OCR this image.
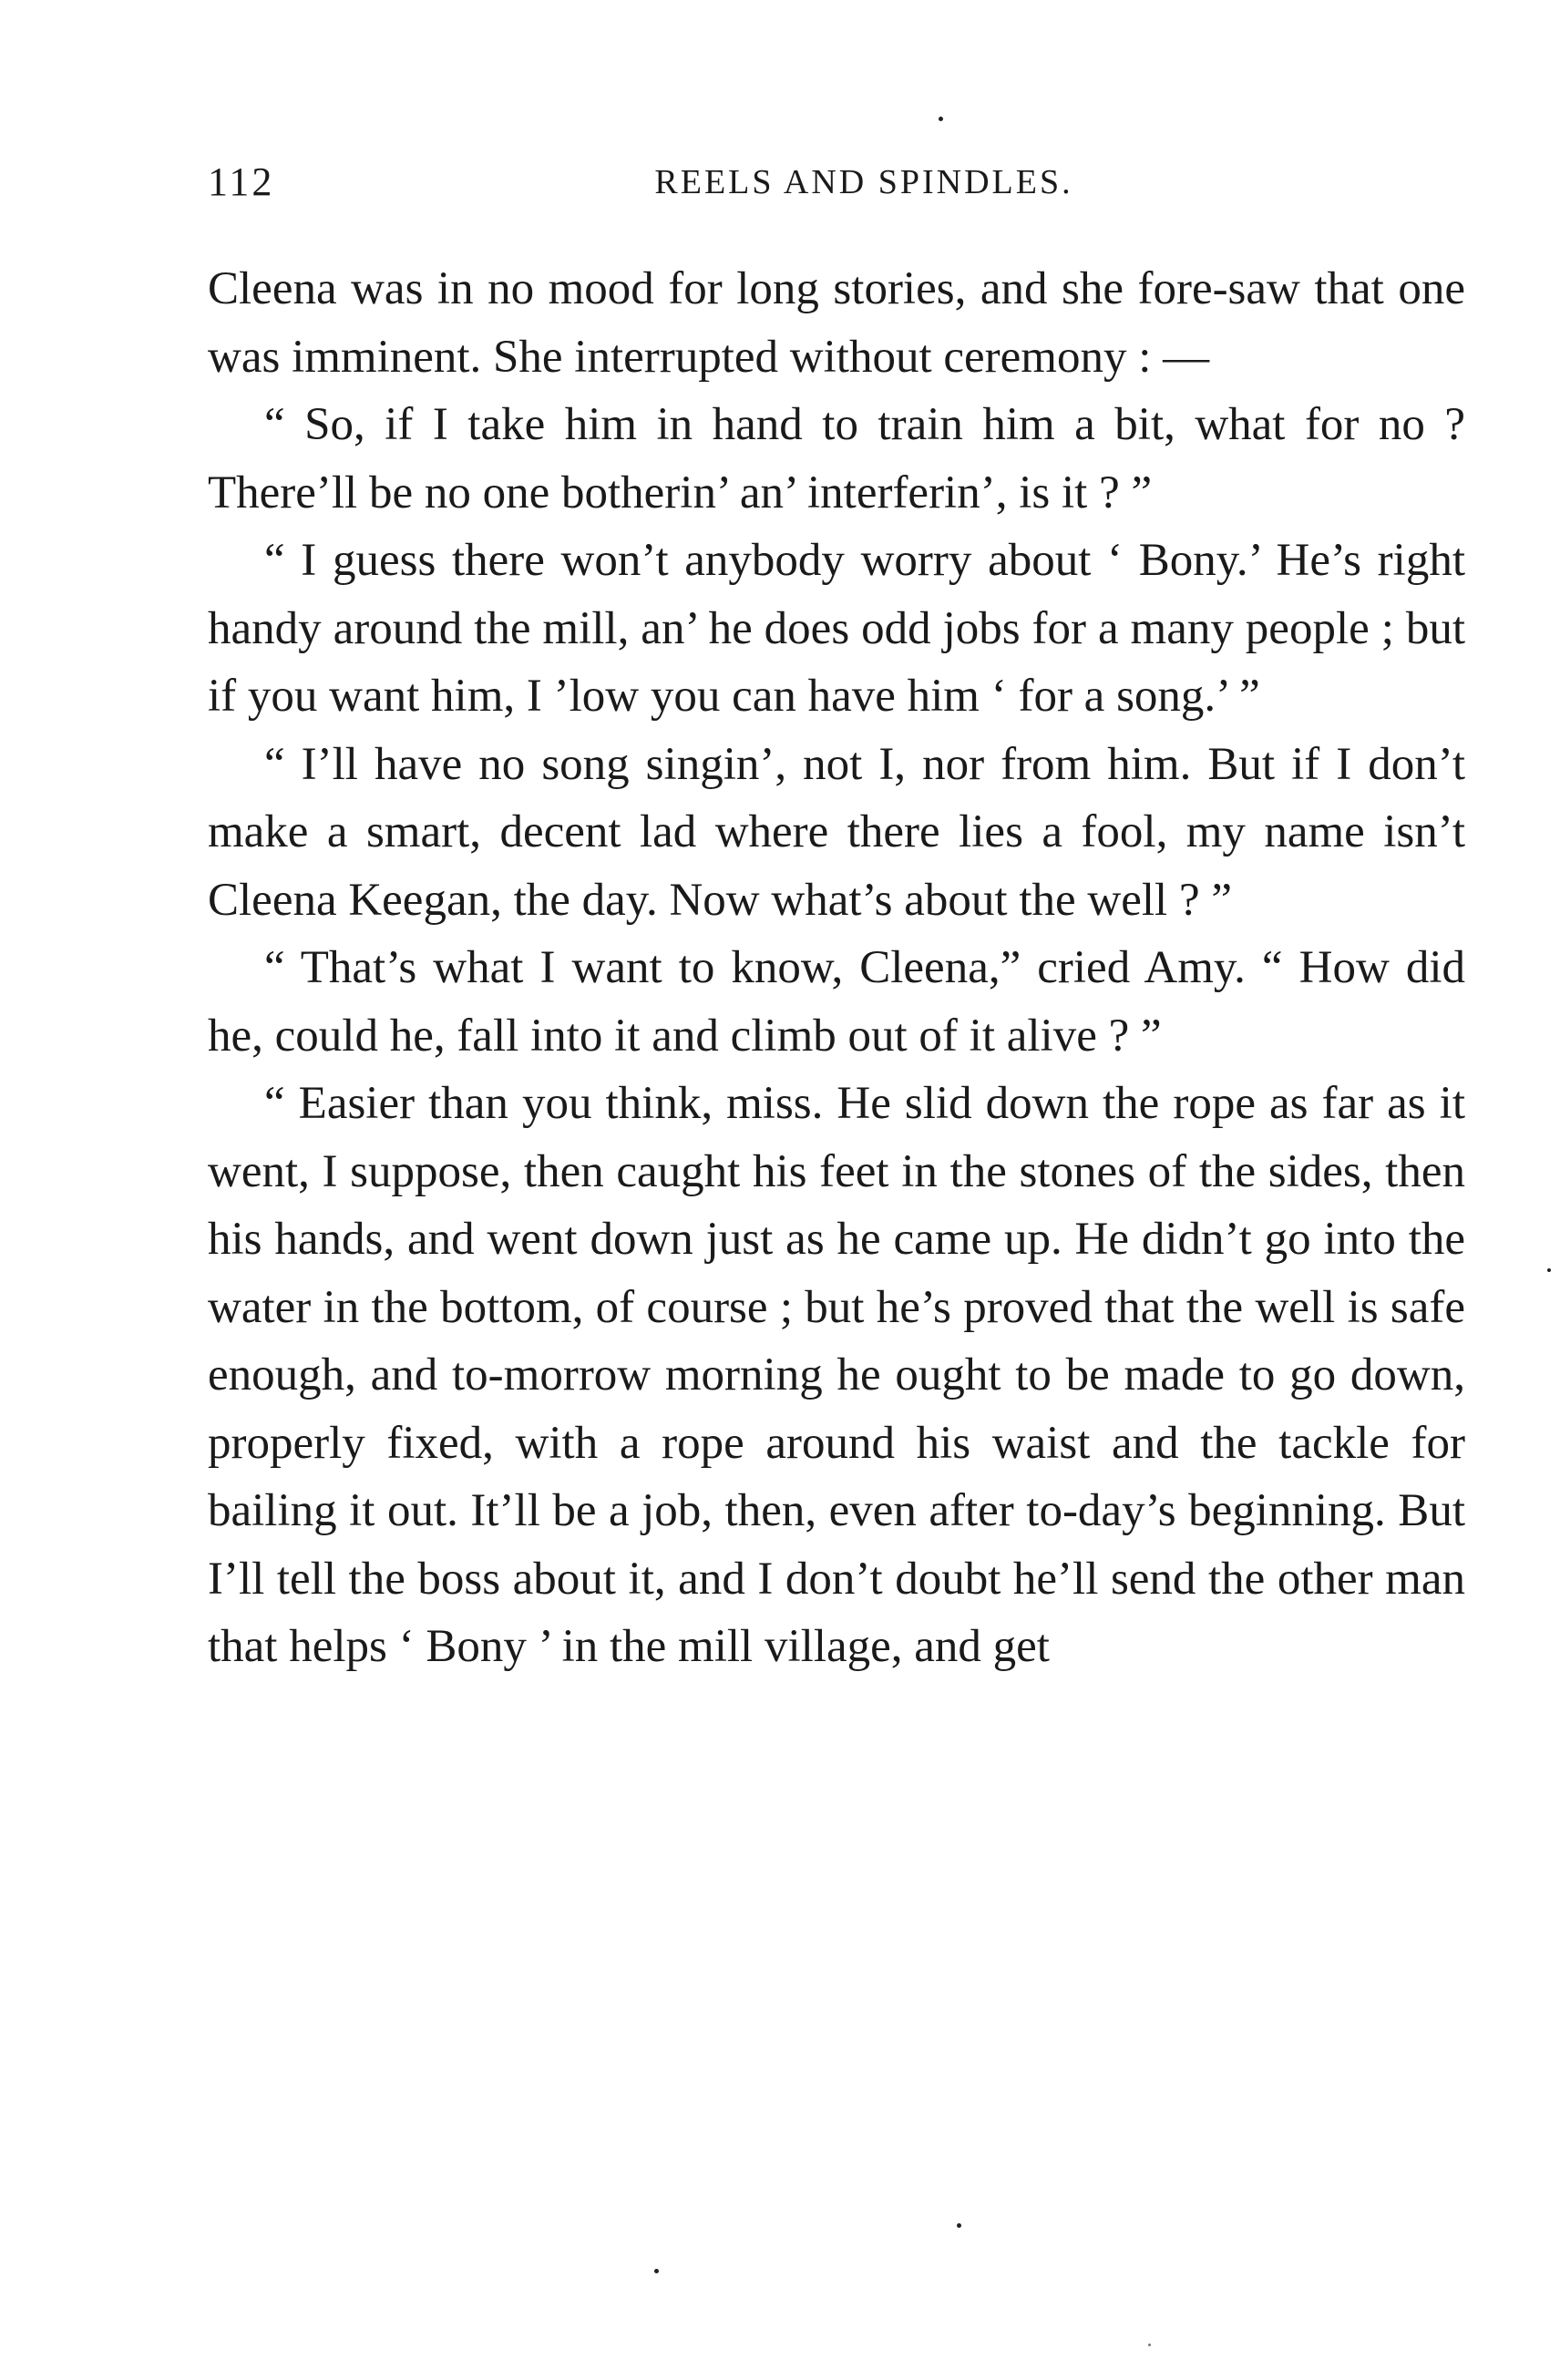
112	REELS AND SPINDLES.

Cleena was in no mood for long stories, and she fore-saw that one was imminent. She interrupted without ceremony : —

“ So, if I take him in hand to train him a bit, what for no ? There’ll be no one botherin’ an’ interferin’, is it ? ”

“ I guess there won’t anybody worry about ‘ Bony.’ He’s right handy around the mill, an’ he does odd jobs for a many people ; but if you want him, I ’low you can have him ‘ for a song.’ ”

“ I’ll have no song singin’, not I, nor from him. But if I don’t make a smart, decent lad where there lies a fool, my name isn’t Cleena Keegan, the day. Now what’s about the well ? ”

“ That’s what I want to know, Cleena,” cried Amy. “ How did he, could he, fall into it and climb out of it alive ? ”

“ Easier than you think, miss. He slid down the rope as far as it went, I suppose, then caught his feet in the stones of the sides, then his hands, and went down just as he came up. He didn’t go into the water in the bottom, of course ; but he’s proved that the well is safe enough, and to-morrow morning he ought to be made to go down, properly fixed, with a rope around his waist and the tackle for bailing it out. It’ll be a job, then, even after to-day’s beginning. But I’ll tell the boss about it, and I don’t doubt he’ll send the other man that helps ‘ Bony ’ in the mill village, and get
